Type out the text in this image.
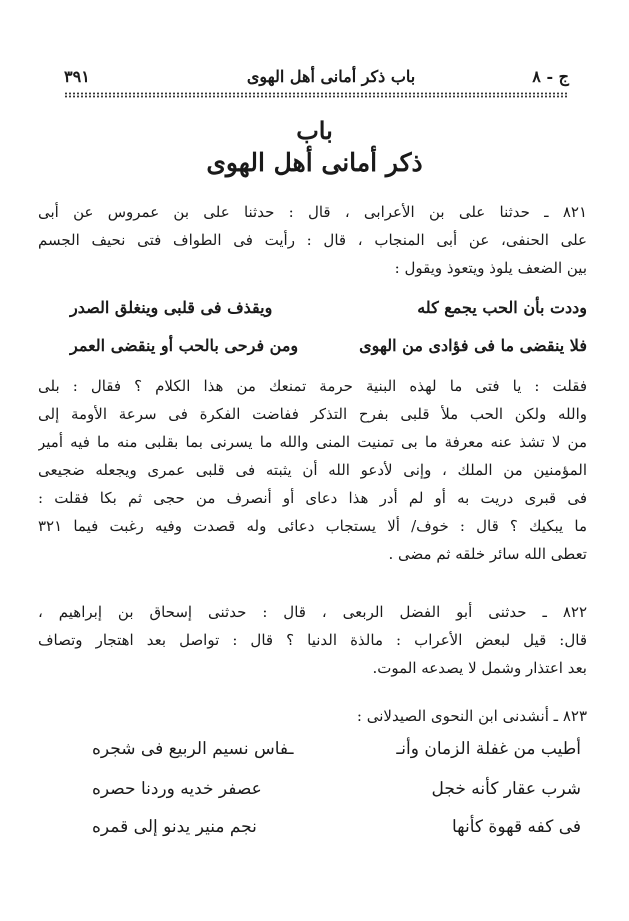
ج - ٨
باب ذكر أمانى أهل الهوى
٣٩١
باب
ذكر أمانى أهل الهوى
٨٢١ ـ حدثنا على بن الأعرابى ، قال : حدثنا على بن عمروس عن أبى
على الحنفى، عن أبى المنجاب ، قال : رأيت فى الطواف فتى نحيف الجسم
بين الضعف يلوذ ويتعوذ ويقول :
وددت بأن الحب يجمع كله
ويقذف فى قلبى وينغلق الصدر
فلا ينقضى ما فى فؤادى من الهوى
ومن فرحى بالحب أو ينقضى العمر
فقلت : يا فتى ما لهذه البنية حرمة تمنعك من هذا الكلام ؟ فقال : بلى
والله ولكن الحب ملأ قلبى بفرح التذكر ففاضت الفكرة فى سرعة الأومة إلى
من لا تشذ عنه معرفة ما بى تمنيت المنى والله ما يسرنى بما بقلبى منه ما فيه أمير
المؤمنين من الملك ، وإنى لأدعو الله أن يثبته فى قلبى عمرى ويجعله ضجيعى
فى قبرى دريت به أو لم أدر هذا دعاى أو أنصرف من حجى ثم بكا فقلت :
ما يبكيك ؟ قال : خوف/ ألا يستجاب دعائى وله قصدت وفيه رغبت فيما ٣٢١
تعطى الله سائر خلقه ثم مضى .
٨٢٢ ـ حدثنى أبو الفضل الربعى ، قال : حدثنى إسحاق بن إبراهيم ،
قال: قيل لبعض الأعراب : مالذة الدنيا ؟ قال : تواصل بعد اهتجار وتصاف
بعد اعتذار وشمل لا يصدعه الموت.
٨٢٣ ـ أنشدنى ابن النحوى الصيدلانى :
أطيب من غفلة الزمان وأنـ
ـفاس نسيم الربيع فى شجره
شرب عقار كأنه خجل
عصفر خديه وردنا حصره
فى كفه قهوة كأنها
نجم منير يدنو إلى قمره
